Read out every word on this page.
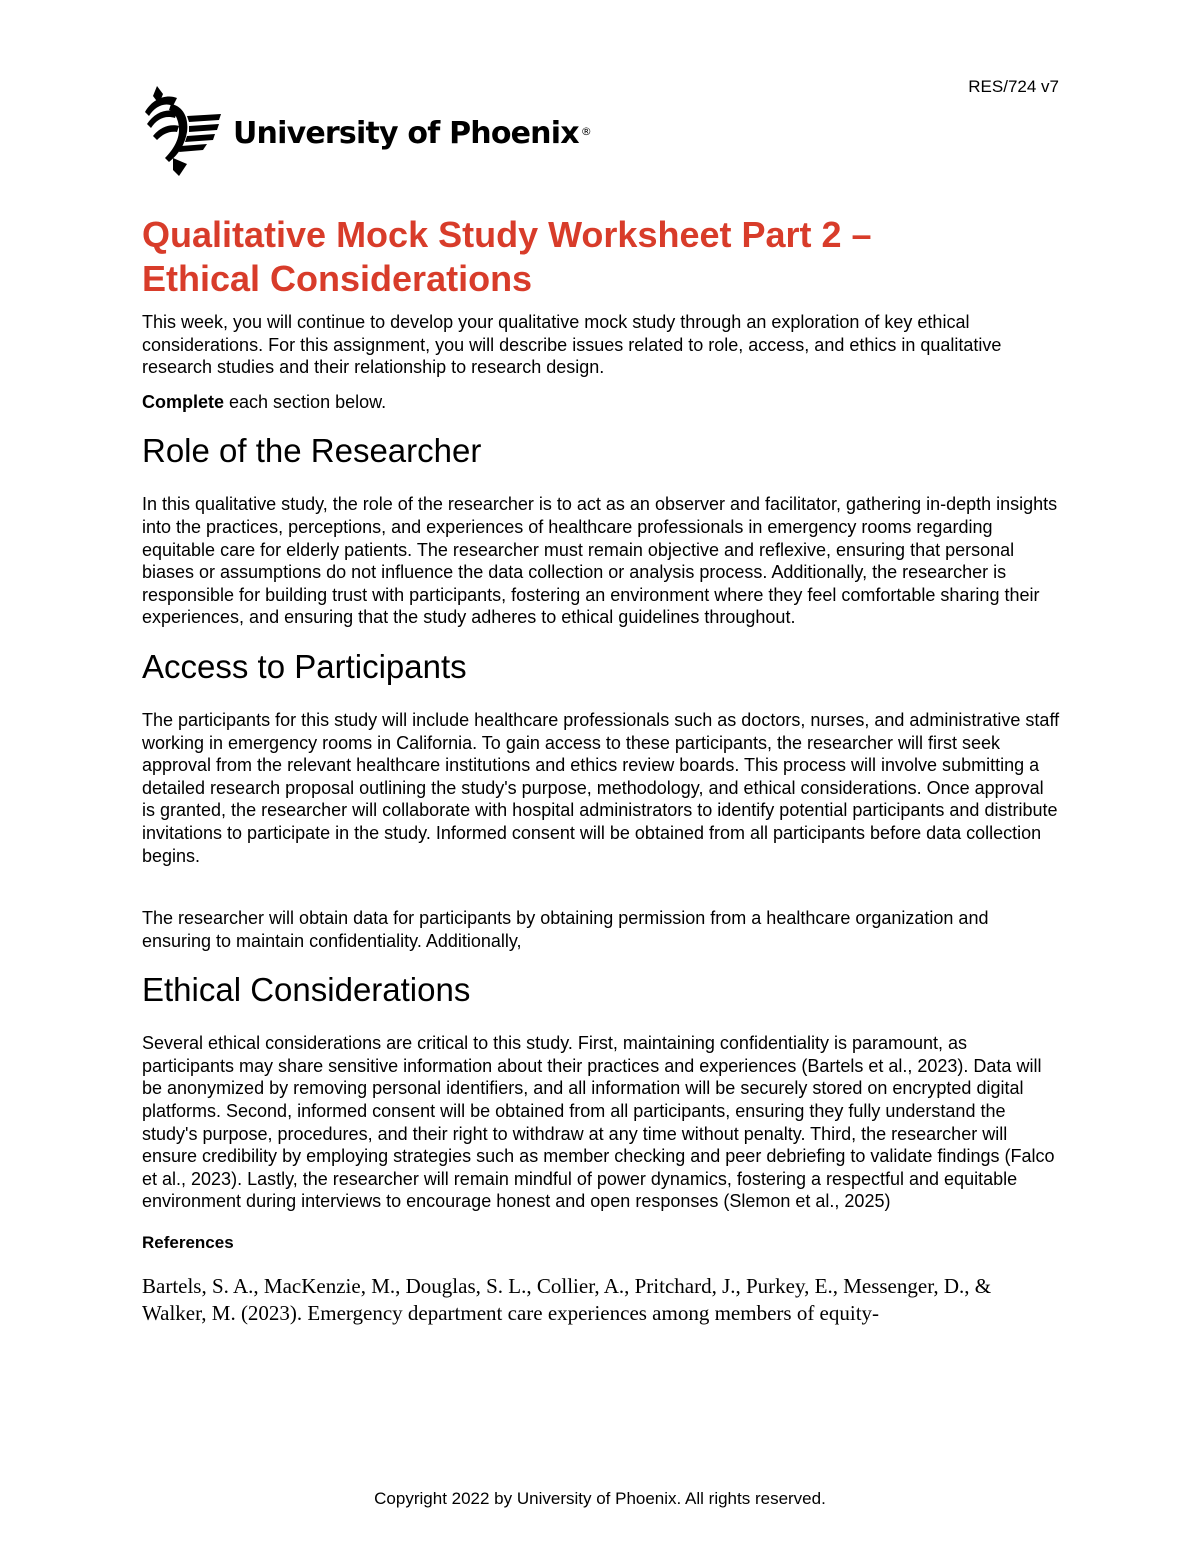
RES/724 v7
University of Phoenix ®
Qualitative Mock Study Worksheet Part 2 –
Ethical Considerations

This week, you will continue to develop your qualitative mock study through an exploration of key ethical considerations. For this assignment, you will describe issues related to role, access, and ethics in qualitative research studies and their relationship to research design.

Complete each section below.

Role of the Researcher

In this qualitative study, the role of the researcher is to act as an observer and facilitator, gathering in-depth insights into the practices, perceptions, and experiences of healthcare professionals in emergency rooms regarding equitable care for elderly patients. The researcher must remain objective and reflexive, ensuring that personal biases or assumptions do not influence the data collection or analysis process. Additionally, the researcher is responsible for building trust with participants, fostering an environment where they feel comfortable sharing their experiences, and ensuring that the study adheres to ethical guidelines throughout.

Access to Participants

The participants for this study will include healthcare professionals such as doctors, nurses, and administrative staff working in emergency rooms in California. To gain access to these participants, the researcher will first seek approval from the relevant healthcare institutions and ethics review boards. This process will involve submitting a detailed research proposal outlining the study's purpose, methodology, and ethical considerations. Once approval is granted, the researcher will collaborate with hospital administrators to identify potential participants and distribute invitations to participate in the study. Informed consent will be obtained from all participants before data collection begins.

The researcher will obtain data for participants by obtaining permission from a healthcare organization and ensuring to maintain confidentiality. Additionally,

Ethical Considerations

Several ethical considerations are critical to this study. First, maintaining confidentiality is paramount, as participants may share sensitive information about their practices and experiences (Bartels et al., 2023). Data will be anonymized by removing personal identifiers, and all information will be securely stored on encrypted digital platforms. Second, informed consent will be obtained from all participants, ensuring they fully understand the study's purpose, procedures, and their right to withdraw at any time without penalty. Third, the researcher will ensure credibility by employing strategies such as member checking and peer debriefing to validate findings (Falco et al., 2023). Lastly, the researcher will remain mindful of power dynamics, fostering a respectful and equitable environment during interviews to encourage honest and open responses (Slemon et al., 2025)

References

Bartels, S. A., MacKenzie, M., Douglas, S. L., Collier, A., Pritchard, J., Purkey, E., Messenger, D., & Walker, M. (2023). Emergency department care experiences among members of equity-

Copyright 2022 by University of Phoenix. All rights reserved.
